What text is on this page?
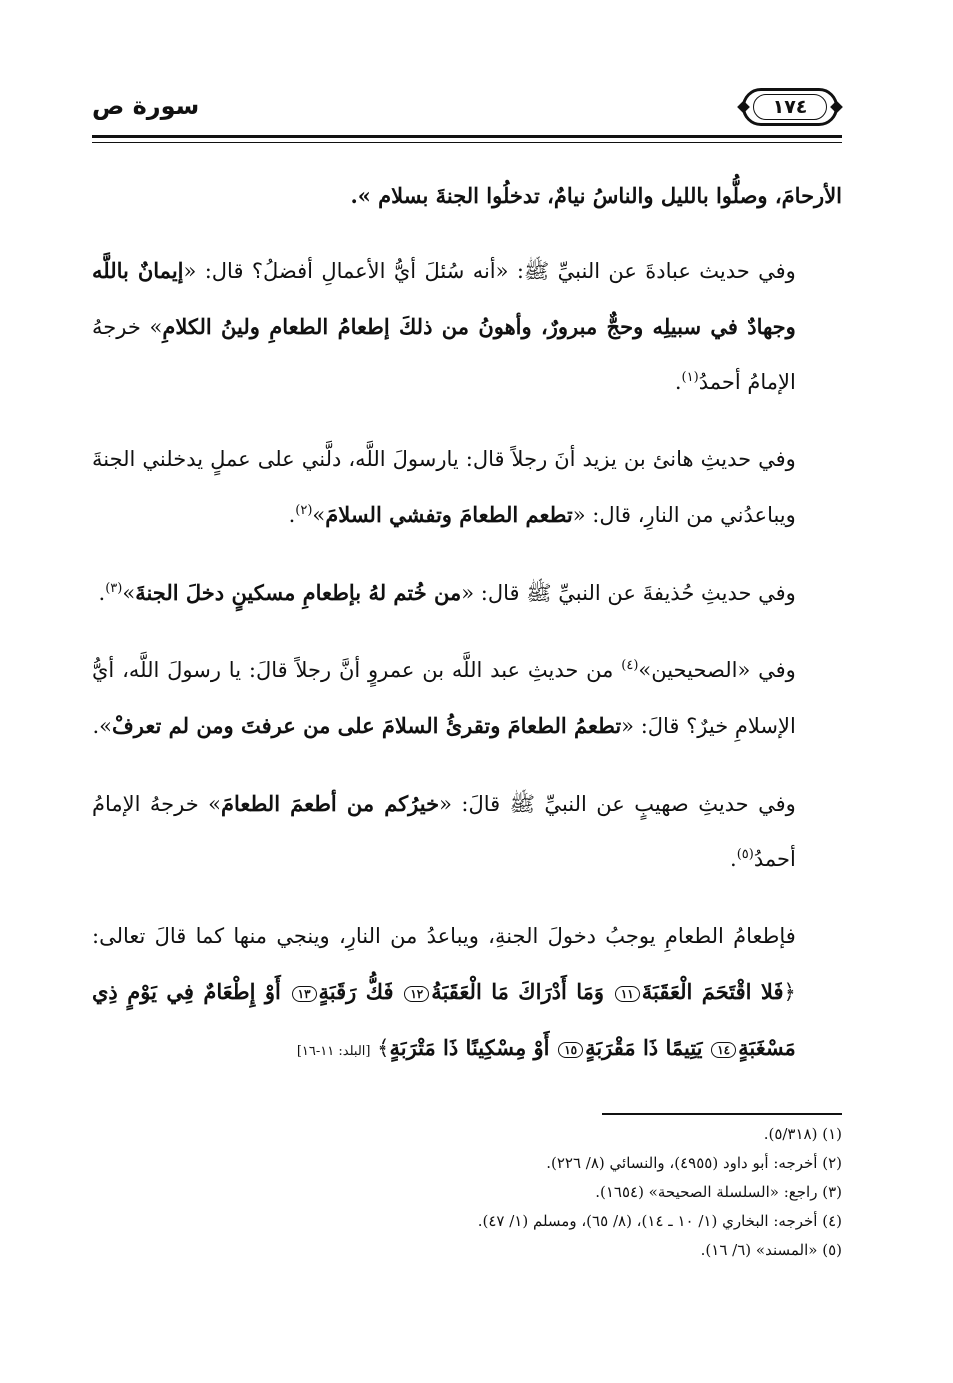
سورة ص	١٧٤

الأرحامَ، وصلُّوا بالليل والناسُ نيامٌ، تدخلُوا الجنةَ بسلام ».

وفي حديث عبادةَ عن النبيِّ ﷺ: «أنه سُئلَ أيُّ الأعمالِ أفضلُ؟ قال: «إيمانٌ باللَّه وجهادٌ في سبيلِه وحجٌّ مبرورٌ، وأهونُ من ذلكَ إطعامُ الطعامِ ولينُ الكلامِ» خرجهُ الإمامُ أحمدُ$^{(١)}$.

وفي حديثِ هانئ بن يزيد أنَ رجلاً قال: يارسولَ اللَّه، دلَّني على عملٍ يدخلني الجنةَ ويباعدُني من النارِ، قال: «تطعم الطعامَ وتفشي السلامَ»$^{(٢)}$.

وفي حديثِ حُذيفةَ عن النبيِّ ﷺ قال: «من خُتم لهُ بإطعامِ مسكينٍ دخلَ الجنةَ»$^{(٣)}$.

وفي «الصحيحين»$^{(٤)}$ من حديثِ عبد اللَّه بن عمروٍ أنَّ رجلاً قالَ: يا رسولَ اللَّه، أيُّ الإسلامِ خيرٌ؟ قالَ: «تطعمُ الطعامَ وتقرئُ السلامَ على من عرفتَ ومن لم تعرفْ».

وفي حديثِ صهيبٍ عن النبيِّ ﷺ قالَ: «خيرُكم من أطعمَ الطعامَ» خرجهُ الإمامُ أحمدُ$^{(٥)}$.

فإطعامُ الطعامِ يوجبُ دخولَ الجنةِ، ويباعدُ من النارِ، وينجي منها كما قالَ تعالى: ﴿فَلا اقْتَحَمَ الْعَقَبَةَ١١ وَمَا أَدْرَاكَ مَا الْعَقَبَةُ١٢ فَكُّ رَقَبَةٍ١٣ أَوْ إِطْعَامٌ فِي يَوْمٍ ذِي مَسْغَبَةٍ١٤ يَتِيمًا ذَا مَقْرَبَةٍ١٥ أَوْ مِسْكِينًا ذَا مَتْرَبَةٍ﴾ [البلد: ١١-١٦]

(١) (٥/٣١٨).
(٢) أخرجه: أبو داود (٤٩٥٥)، والنسائي (٨/ ٢٢٦).
(٣) راجع: «السلسلة الصحيحة» (١٦٥٤).
(٤) أخرجه: البخاري (١/ ١٠ ـ ١٤)، (٨/ ٦٥)، ومسلم (١/ ٤٧).
(٥) «المسند» (٦/ ١٦).
